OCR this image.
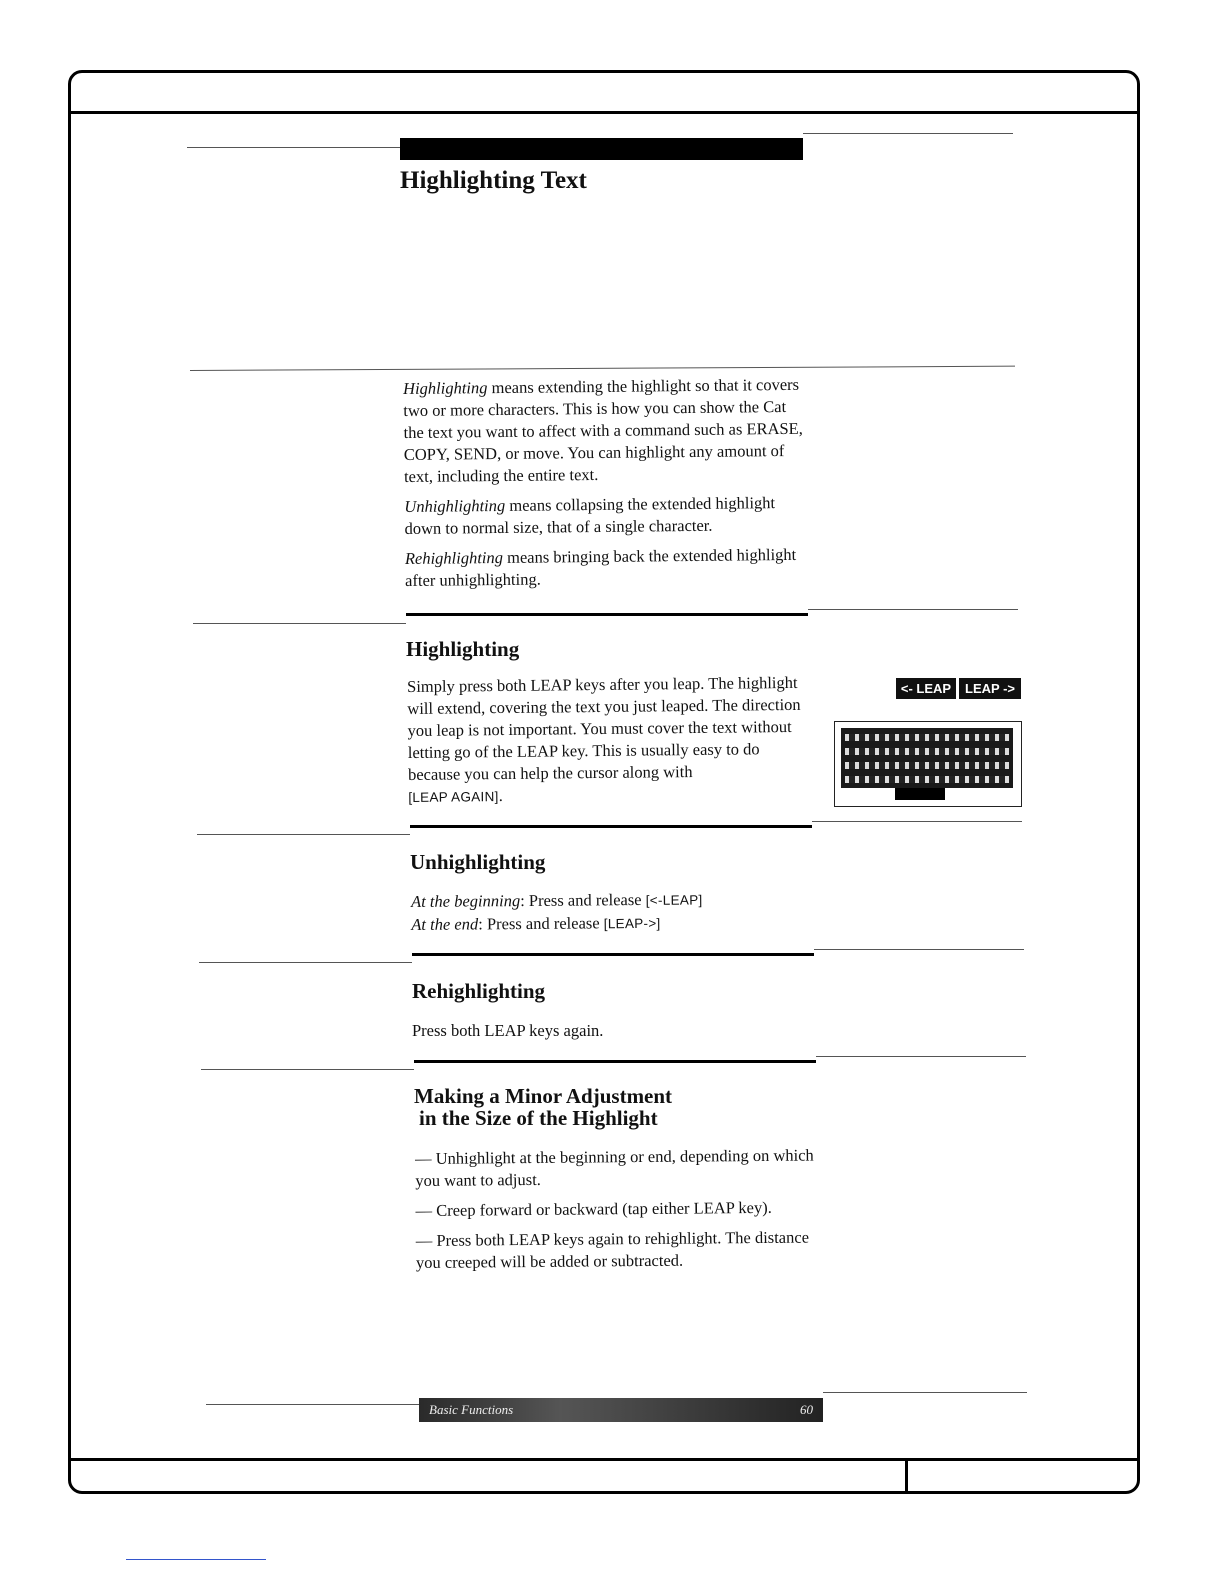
Highlighting Text

Highlighting means extending the highlight so that it covers two or more characters. This is how you can show the Cat the text you want to affect with a command such as ERASE, COPY, SEND, or move. You can highlight any amount of text, including the entire text.

Unhighlighting means collapsing the extended highlight down to normal size, that of a single character.

Rehighlighting means bringing back the extended highlight after unhighlighting.

Highlighting
Simply press both LEAP keys after you leap. The highlight will extend, covering the text you just leaped. The direction you leap is not important. You must cover the text without letting go of the LEAP key. This is usually easy to do because you can help the cursor along with
[LEAP AGAIN].
<- LEAP	LEAP ->
Unhighlighting
At the beginning: Press and release [<-LEAP]
At the end: Press and release [LEAP->]
Rehighlighting
Press both LEAP keys again.
Making a Minor Adjustment
in the Size of the Highlight

— Unhighlight at the beginning or end, depending on which you want to adjust.

— Creep forward or backward (tap either LEAP key).

— Press both LEAP keys again to rehighlight. The distance you creeped will be added or subtracted.

Basic Functions	60
